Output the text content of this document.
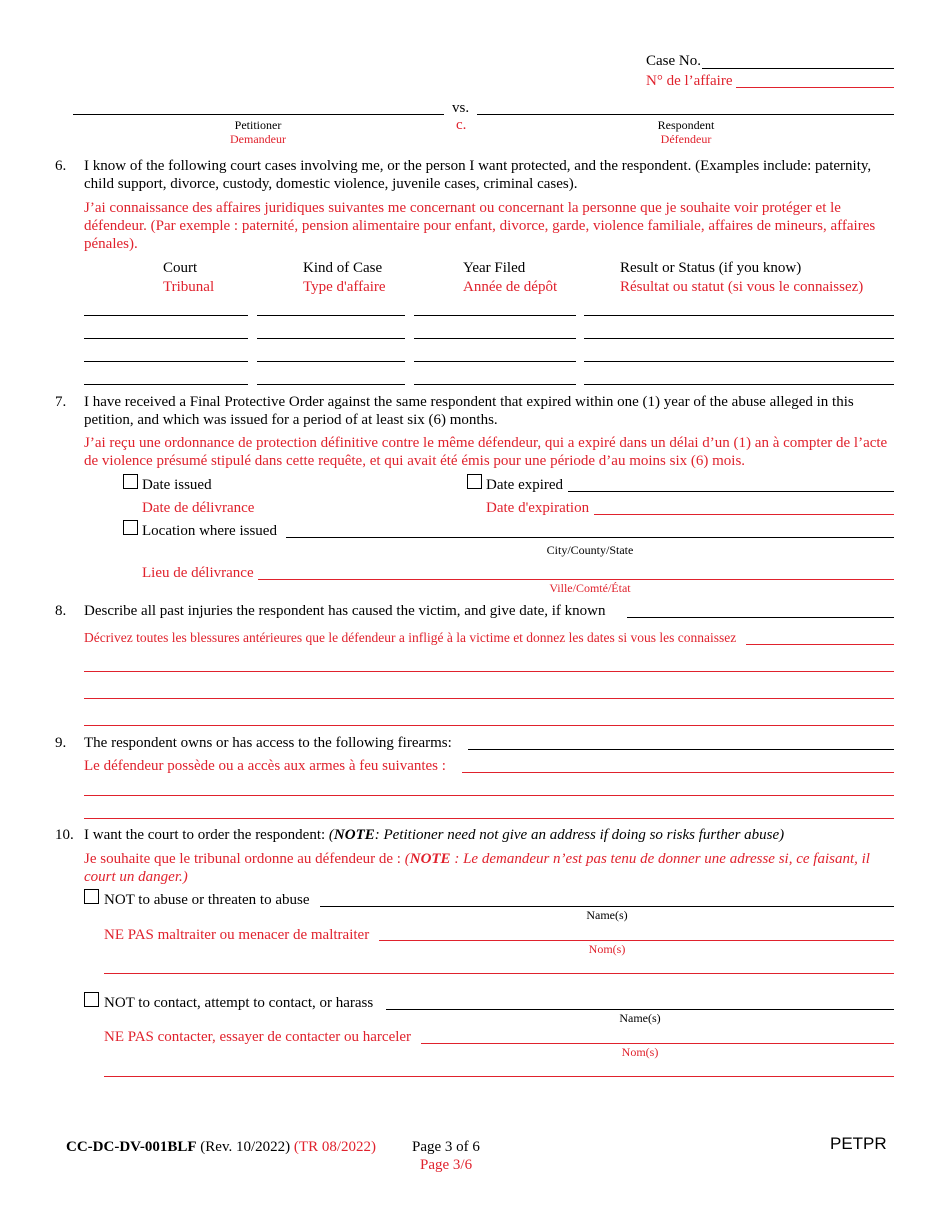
Case No.
N° de l’affaire
vs.
Petitioner
Demandeur
c.	Respondent
Défendeur
6. I know of the following court cases involving me, or the person I want protected, and the respondent. (Examples include: paternity, child support, divorce, custody, domestic violence, juvenile cases, criminal cases).
J’ai connaissance des affaires juridiques suivantes me concernant ou concernant la personne que je souhaite voir protéger et le défendeur. (Par exemple : paternité, pension alimentaire pour enfant, divorce, garde, violence familiale, affaires de mineurs, affaires pénales).
Court
Tribunal
Kind of Case
Type d'affaire
Year Filed
Année de dépôt
Result or Status (if you know)
Résultat ou statut (si vous le connaissez)
7. I have received a Final Protective Order against the same respondent that expired within one (1) year of the abuse alleged in this petition, and which was issued for a period of at least six (6) months.
J’ai reçu une ordonnance de protection définitive contre le même défendeur, qui a expiré dans un délai d’un (1) an à compter de l’acte de violence présumé stipulé dans cette requête, et qui avait été émis pour une période d’au moins six (6) mois.
Date issued
Date de délivrance
Date expired
Date d'expiration
Location where issued
City/County/State
Lieu de délivrance
Ville/Comté/État
8. Describe all past injuries the respondent has caused the victim, and give date, if known
Décrivez toutes les blessures antérieures que le défendeur a infligé à la victime et donnez les dates si vous les connaissez
9. The respondent owns or has access to the following firearms:
Le défendeur possède ou a accès aux armes à feu suivantes :
10. I want the court to order the respondent: (NOTE: Petitioner need not give an address if doing so risks further abuse)
Je souhaite que le tribunal ordonne au défendeur de : (NOTE : Le demandeur n’est pas tenu de donner une adresse si, ce faisant, il court un danger.)
NOT to abuse or threaten to abuse
Name(s)
NE PAS maltraiter ou menacer de maltraiter
Nom(s)
NOT to contact, attempt to contact, or harass
Name(s)
NE PAS contacter, essayer de contacter ou harceler
Nom(s)
CC-DC-DV-001BLF (Rev. 10/2022) (TR 08/2022) Page 3 of 6
Page 3/6
PETPR
